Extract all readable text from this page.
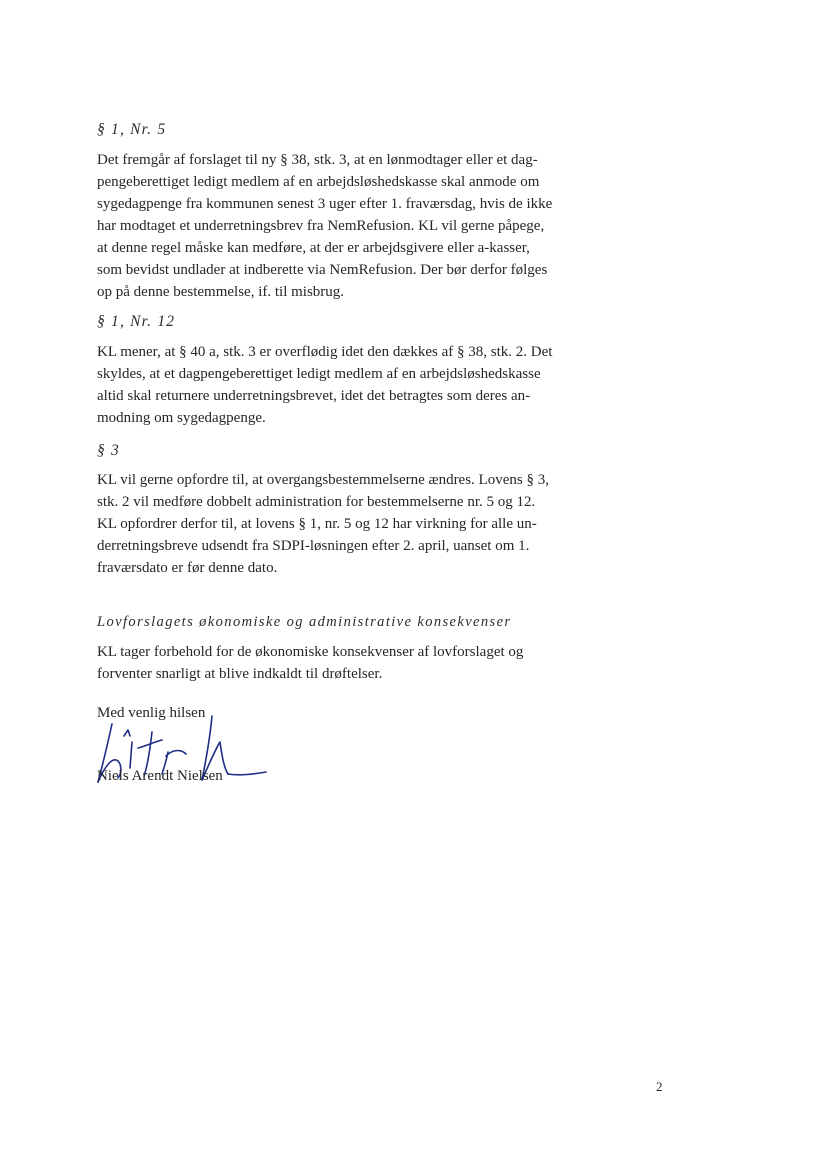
§ 1, Nr. 5

Det fremgår af forslaget til ny § 38, stk. 3, at en lønmodtager eller et dag-
pengeberettiget ledigt medlem af en arbejdsløshedskasse skal anmode om
sygedagpenge fra kommunen senest 3 uger efter 1. fraværsdag, hvis de ikke
har modtaget et underretningsbrev fra NemRefusion. KL vil gerne påpege,
at denne regel måske kan medføre, at der er arbejdsgivere eller a-kasser,
som bevidst undlader at indberette via NemRefusion. Der bør derfor følges
op på denne bestemmelse, if. til misbrug.

§ 1, Nr. 12

KL mener, at § 40 a, stk. 3 er overflødig idet den dækkes af § 38, stk. 2. Det
skyldes, at et dagpengeberettiget ledigt medlem af en arbejdsløshedskasse
altid skal returnere underretningsbrevet, idet det betragtes som deres an-
modning om sygedagpenge.

§ 3

KL vil gerne opfordre til, at overgangsbestemmelserne ændres. Lovens § 3,
stk. 2 vil medføre dobbelt administration for bestemmelserne nr. 5 og 12.
KL opfordrer derfor til, at lovens § 1, nr. 5 og 12 har virkning for alle un-
derretningsbreve udsendt fra SDPI-løsningen efter 2. april, uanset om 1.
fraværsdato er før denne dato.

Lovforslagets økonomiske og administrative konsekvenser

KL tager forbehold for de økonomiske konsekvenser af lovforslaget og
forventer snarligt at blive indkaldt til drøftelser.

Med venlig hilsen

Niels Arendt Nielsen

2
